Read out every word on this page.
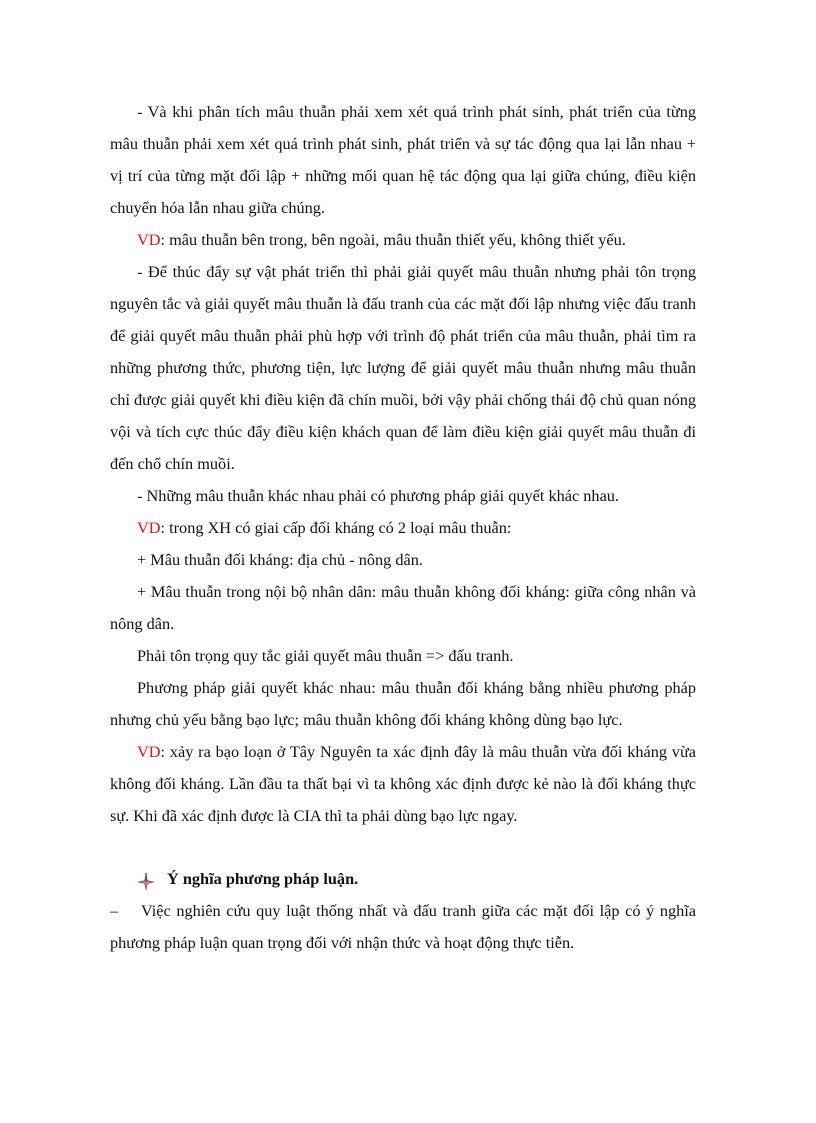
- Và khi phân tích mâu thuẫn phải xem xét quá trình phát sinh, phát triển của từng mâu thuẫn phải xem xét quá trình phát sinh, phát triển và sự tác động qua lại lẫn nhau + vị trí của từng mặt đối lập + những mối quan hệ tác động qua lại giữa chúng, điều kiện chuyển hóa lẫn nhau giữa chúng.

VD: mâu thuẫn bên trong, bên ngoài, mâu thuẫn thiết yếu, không thiết yếu.

- Để thúc đẩy sự vật phát triển thì phải giải quyết mâu thuẫn nhưng phải tôn trọng nguyên tắc và giải quyết mâu thuẫn là đấu tranh của các mặt đối lập nhưng việc đấu tranh để giải quyết mâu thuẫn phải phù hợp với trình độ phát triển của mâu thuẫn, phải tìm ra những phương thức, phương tiện, lực lượng để giải quyết mâu thuẫn nhưng mâu thuẫn chỉ được giải quyết khi điều kiện đã chín muồi, bởi vậy phải chống thái độ chủ quan nóng vội và tích cực thúc đẩy điều kiện khách quan để làm điều kiện giải quyết mâu thuẫn đi đến chổ chín muồi.

- Những mâu thuẫn khác nhau phải có phương pháp giải quyết khác nhau.

VD: trong XH có giai cấp đối kháng có 2 loại mâu thuẫn:

+ Mâu thuẫn đối kháng: địa chủ - nông dân.

+ Mâu thuẫn trong nội bộ nhân dân: mâu thuẫn không đối kháng: giữa công nhân và nông dân.

Phải tôn trọng quy tắc giải quyết mâu thuẫn => đấu tranh.

Phương pháp giải quyết khác nhau: mâu thuẫn đối kháng bằng nhiều phương pháp nhưng chủ yếu bằng bạo lực; mâu thuẫn không đối kháng không dùng bạo lực.

VD: xảy ra bạo loạn ở Tây Nguyên ta xác định đây là mâu thuẫn vừa đối kháng vừa không đối kháng. Lần đầu ta thất bại vì ta không xác định được kẻ nào là đối kháng thực sự. Khi đã xác định được là CIA thì ta phải dùng bạo lực ngay.

Ý nghĩa phương pháp luận.

– Việc nghiên cứu quy luật thống nhất và đấu tranh giữa các mặt đối lập có ý nghĩa phương pháp luận quan trọng đối với nhận thức và hoạt động thực tiễn.
